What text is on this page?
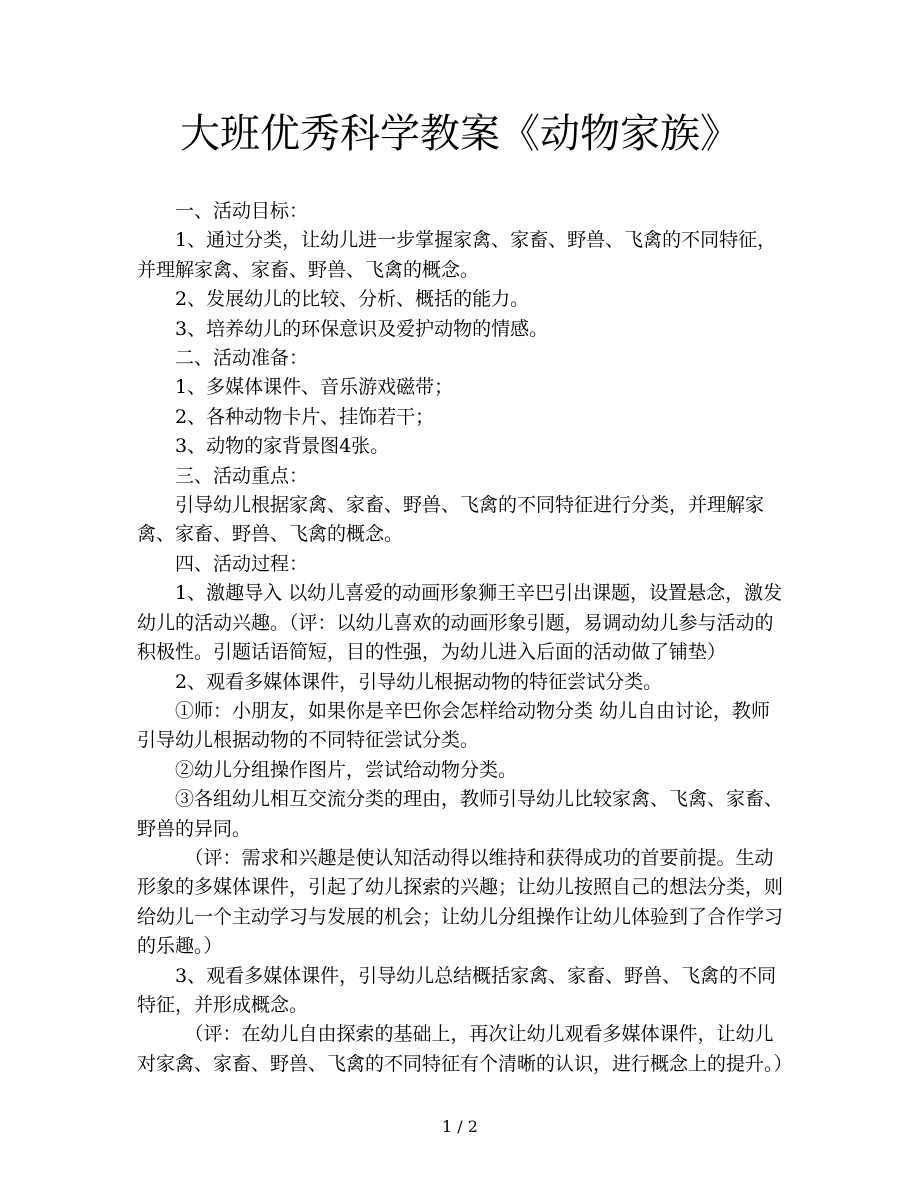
大班优秀科学教案《动物家族》

一、活动目标：

1、通过分类，让幼儿进一步掌握家禽、家畜、野兽、飞禽的不同特征，并理解家禽、家畜、野兽、飞禽的概念。

2、发展幼儿的比较、分析、概括的能力。

3、培养幼儿的环保意识及爱护动物的情感。

二、活动准备：

1、多媒体课件、音乐游戏磁带；

2、各种动物卡片、挂饰若干；

3、动物的家背景图4张。

三、活动重点：

引导幼儿根据家禽、家畜、野兽、飞禽的不同特征进行分类，并理解家禽、家畜、野兽、飞禽的概念。

四、活动过程：

1、激趣导入 以幼儿喜爱的动画形象狮王辛巴引出课题，设置悬念，激发幼儿的活动兴趣。（评：以幼儿喜欢的动画形象引题，易调动幼儿参与活动的积极性。引题话语简短，目的性强，为幼儿进入后面的活动做了铺垫）

2、观看多媒体课件，引导幼儿根据动物的特征尝试分类。

①师：小朋友，如果你是辛巴你会怎样给动物分类 幼儿自由讨论，教师引导幼儿根据动物的不同特征尝试分类。

②幼儿分组操作图片，尝试给动物分类。

③各组幼儿相互交流分类的理由，教师引导幼儿比较家禽、飞禽、家畜、野兽的异同。

（评：需求和兴趣是使认知活动得以维持和获得成功的首要前提。生动形象的多媒体课件，引起了幼儿探索的兴趣；让幼儿按照自己的想法分类，则给幼儿一个主动学习与发展的机会；让幼儿分组操作让幼儿体验到了合作学习的乐趣。）

3、观看多媒体课件，引导幼儿总结概括家禽、家畜、野兽、飞禽的不同特征，并形成概念。

（评：在幼儿自由探索的基础上，再次让幼儿观看多媒体课件，让幼儿对家禽、家畜、野兽、飞禽的不同特征有个清晰的认识，进行概念上的提升。）

1 / 2
